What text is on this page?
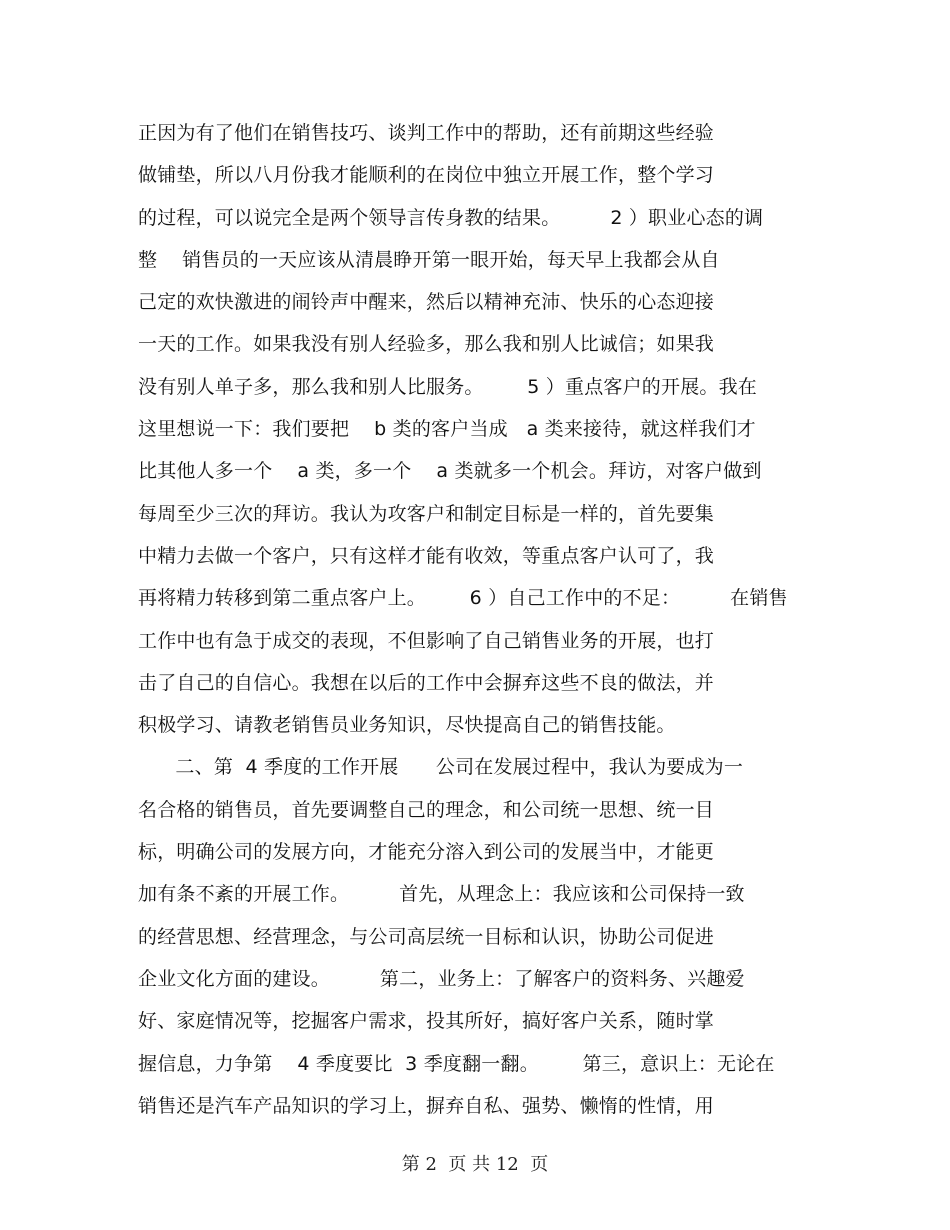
正因为有了他们在销售技巧、谈判工作中的帮助，还有前期这些经验
做铺垫，所以八月份我才能顺利的在岗位中独立开展工作，整个学习
的过程，可以说完全是两个领导言传身教的结果。        2 ）职业心态的调
整    销售员的一天应该从清晨睁开第一眼开始，每天早上我都会从自
己定的欢快激进的闹铃声中醒来，然后以精神充沛、快乐的心态迎接
一天的工作。如果我没有别人经验多，那么我和别人比诚信；如果我
没有别人单子多，那么我和别人比服务。       5 ）重点客户的开展。我在
这里想说一下：我们要把    b 类的客户当成   a 类来接待，就这样我们才
比其他人多一个    a 类，多一个    a 类就多一个机会。拜访，对客户做到
每周至少三次的拜访。我认为攻客户和制定目标是一样的，首先要集
中精力去做一个客户，只有这样才能有收效，等重点客户认可了，我
再将精力转移到第二重点客户上。       6 ）自己工作中的不足：        在销售
工作中也有急于成交的表现，不但影响了自己销售业务的开展，也打
击了自己的自信心。我想在以后的工作中会摒弃这些不良的做法，并
积极学习、请教老销售员业务知识，尽快提高自己的销售技能。
二、第  4 季度的工作开展      公司在发展过程中，我认为要成为一
名合格的销售员，首先要调整自己的理念，和公司统一思想、统一目
标，明确公司的发展方向，才能充分溶入到公司的发展当中，才能更
加有条不紊的开展工作。        首先，从理念上：我应该和公司保持一致
的经营思想、经营理念，与公司高层统一目标和认识，协助公司促进
企业文化方面的建设。        第二，业务上：了解客户的资料务、兴趣爱
好、家庭情况等，挖掘客户需求，投其所好，搞好客户关系，随时掌
握信息，力争第    4 季度要比  3 季度翻一翻。       第三，意识上：无论在
销售还是汽车产品知识的学习上，摒弃自私、强势、懒惰的性情，用
第 2  页 共 12  页
